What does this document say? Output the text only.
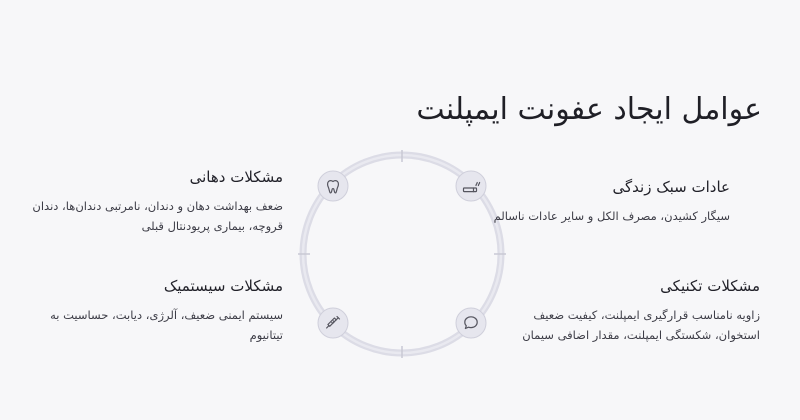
عوامل ایجاد عفونت ایمپلنت
مشکلات دهانی
ضعف بهداشت دهان و دندان، نامرتبی دندان‌ها، دندان قروچه، بیماری پریودنتال قبلی
مشکلات سیستمیک
سیستم ایمنی ضعیف، آلرژی، دیابت، حساسیت به تیتانیوم
عادات سبک زندگی
سیگار کشیدن، مصرف الکل و سایر عادات ناسالم
مشکلات تکنیکی
زاویه نامناسب قرارگیری ایمپلنت، کیفیت ضعیف استخوان، شکستگی ایمپلنت، مقدار اضافی سیمان
